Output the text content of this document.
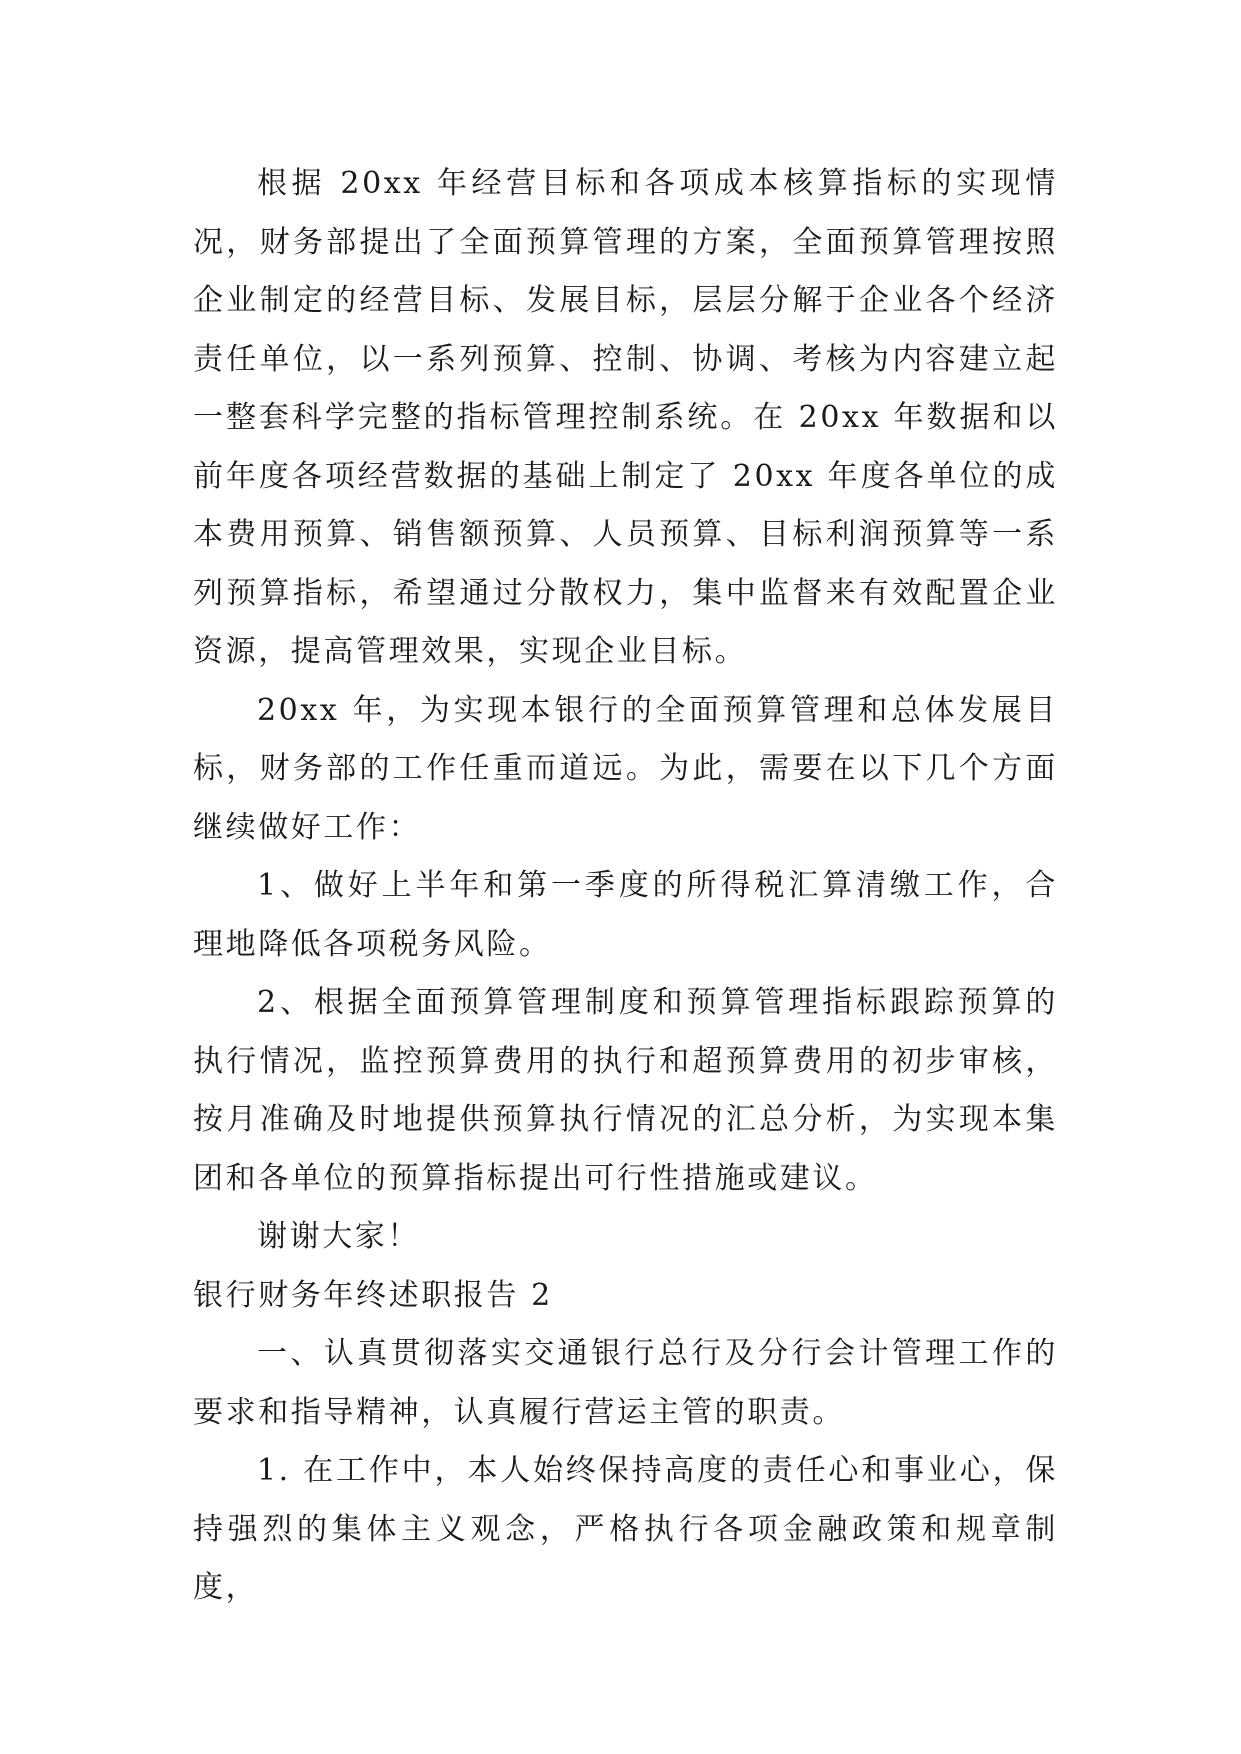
根据 20xx 年经营目标和各项成本核算指标的实现情况，财务部提出了全面预算管理的方案，全面预算管理按照企业制定的经营目标、发展目标，层层分解于企业各个经济责任单位，以一系列预算、控制、协调、考核为内容建立起一整套科学完整的指标管理控制系统。在 20xx 年数据和以前年度各项经营数据的基础上制定了 20xx 年度各单位的成本费用预算、销售额预算、人员预算、目标利润预算等一系列预算指标，希望通过分散权力，集中监督来有效配置企业资源，提高管理效果，实现企业目标。

20xx 年，为实现本银行的全面预算管理和总体发展目标，财务部的工作任重而道远。为此，需要在以下几个方面继续做好工作：

1、做好上半年和第一季度的所得税汇算清缴工作，合理地降低各项税务风险。

2、根据全面预算管理制度和预算管理指标跟踪预算的执行情况，监控预算费用的执行和超预算费用的初步审核，按月准确及时地提供预算执行情况的汇总分析，为实现本集团和各单位的预算指标提出可行性措施或建议。

谢谢大家！

银行财务年终述职报告 2

一、认真贯彻落实交通银行总行及分行会计管理工作的要求和指导精神，认真履行营运主管的职责。

1. 在工作中，本人始终保持高度的责任心和事业心，保持强烈的集体主义观念，严格执行各项金融政策和规章制度，
